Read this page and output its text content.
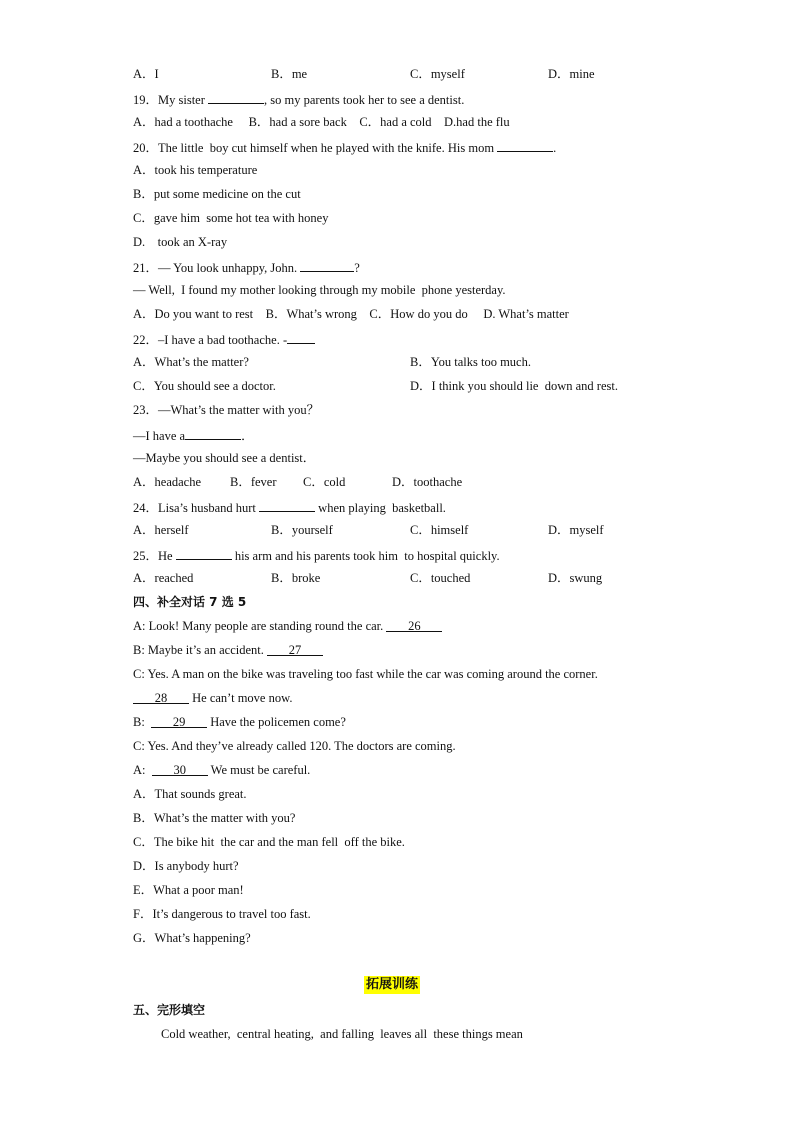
A．I	B．me	C．myself	D．mine
19．My sister	, so my parents took her to see a dentist.
A．had a toothache     B．had a sore back    C．had a cold    D.had the flu
20．The little  boy cut himself when he played with the knife. His mom	.
A．took his temperature
B．put some medicine on the cut
C．gave him  some hot tea with honey
D.    took an X-ray
21．— You look unhappy, John.	?
— Well,  I found my mother looking through my mobile  phone yesterday.
A．Do you want to rest    B．What’s wrong    C．How do you do     D. What’s matter
22．–I have a bad toothache. -
A．What’s the matter?	B．You talks too much.
C．You should see a doctor.	D．I think you should lie  down and rest.
23．—What’s the matter with you？
—I have a	．
—Maybe you should see a dentist．
A．headache B．fever C．cold	D．toothache
24．Lisa’s husband hurt	when playing  basketball.
A．herself	B．yourself	C．himself	D．myself
25．He	his arm and his parents took him  to hospital quickly.
A．reached	B．broke	C．touched	D．swung
四、补全对话 7 选 5
A: Look! Many people are standing round the car. 26
B: Maybe it’s an accident. 27
C: Yes. A man on the bike was traveling too fast while the car was coming around the corner.
28 He can’t move now.
B:  29 Have the policemen come?
C: Yes. And they’ve already called 120. The doctors are coming.
A:  30 We must be careful.
A．That sounds great.
B．What’s the matter with you?
C．The bike hit  the car and the man fell  off the bike.
D．Is anybody hurt?
E．What a poor man!
F．It’s dangerous to travel too fast.
G．What’s happening?
拓展训练
五、完形填空
Cold weather,  central heating,  and falling  leaves all  these things mean
